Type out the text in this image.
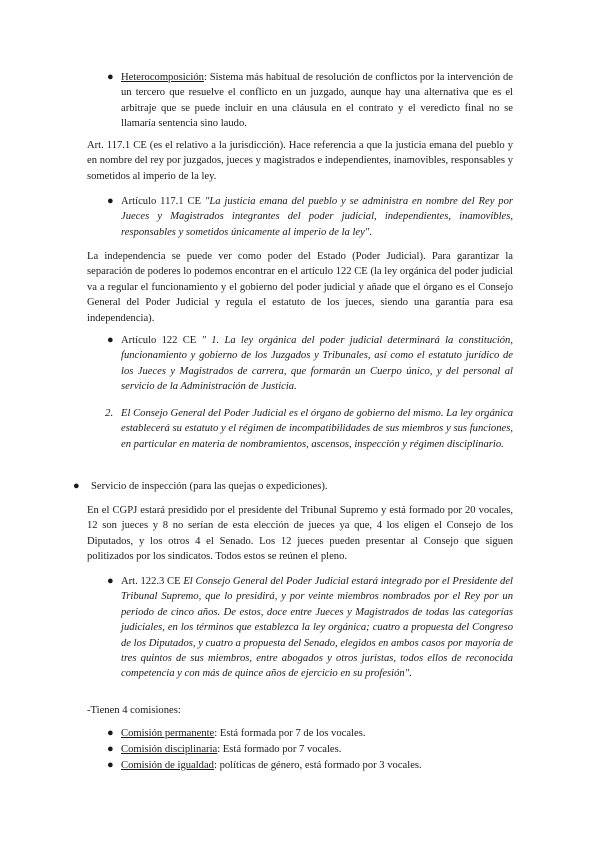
● Heterocomposición: Sistema más habitual de resolución de conflictos por la intervención de un tercero que resuelve el conflicto en un juzgado, aunque hay una alternativa que es el arbitraje que se puede incluir en una cláusula en el contrato y el veredicto final no se llamaría sentencia sino laudo.
Art. 117.1 CE (es el relativo a la jurisdicción). Hace referencia a que la justicia emana del pueblo y en nombre del rey por juzgados, jueces y magistrados e independientes, inamovibles, responsables y sometidos al imperio de la ley.
● Artículo 117.1 CE "La justicia emana del pueblo y se administra en nombre del Rey por Jueces y Magistrados integrantes del poder judicial, independientes, inamovibles, responsables y sometidos únicamente al imperio de la ley".
La independencia se puede ver como poder del Estado (Poder Judicial). Para garantizar la separación de poderes lo podemos encontrar en el artículo 122 CE (la ley orgánica del poder judicial va a regular el funcionamiento y el gobierno del poder judicial y añade que el órgano es el Consejo General del Poder Judicial y regula el estatuto de los jueces, siendo una garantía para esa independencia).
● Artículo 122 CE " 1. La ley orgánica del poder judicial determinará la constitución, funcionamiento y gobierno de los Juzgados y Tribunales, así como el estatuto jurídico de los Jueces y Magistrados de carrera, que formarán un Cuerpo único, y del personal al servicio de la Administración de Justicia.
2. El Consejo General del Poder Judicial es el órgano de gobierno del mismo. La ley orgánica establecerá su estatuto y el régimen de incompatibilidades de sus miembros y sus funciones, en particular en materia de nombramientos, ascensos, inspección y régimen disciplinario.
● Servicio de inspección (para las quejas o expediciones).
En el CGPJ estará presidido por el presidente del Tribunal Supremo y está formado por 20 vocales, 12 son jueces y 8 no serían de esta elección de jueces ya que, 4 los eligen el Consejo de los Diputados, y los otros 4 el Senado. Los 12 jueces pueden presentar al Consejo que siguen politizados por los sindicatos. Todos estos se reúnen el pleno.
● Art. 122.3 CE El Consejo General del Poder Judicial estará integrado por el Presidente del Tribunal Supremo, que lo presidirá, y por veinte miembros nombrados por el Rey por un periodo de cinco años. De estos, doce entre Jueces y Magistrados de todas las categorías judiciales, en los términos que establezca la ley orgánica; cuatro a propuesta del Congreso de los Diputados, y cuatro a propuesta del Senado, elegidos en ambos casos por mayoría de tres quintos de sus miembros, entre abogados y otros juristas, todos ellos de reconocida competencia y con más de quince años de ejercicio en su profesión".
-Tienen 4 comisiones:
● Comisión permanente: Está formada por 7 de los vocales.
● Comisión disciplinaria: Está formado por 7 vocales.
● Comisión de igualdad: políticas de género, está formado por 3 vocales.
